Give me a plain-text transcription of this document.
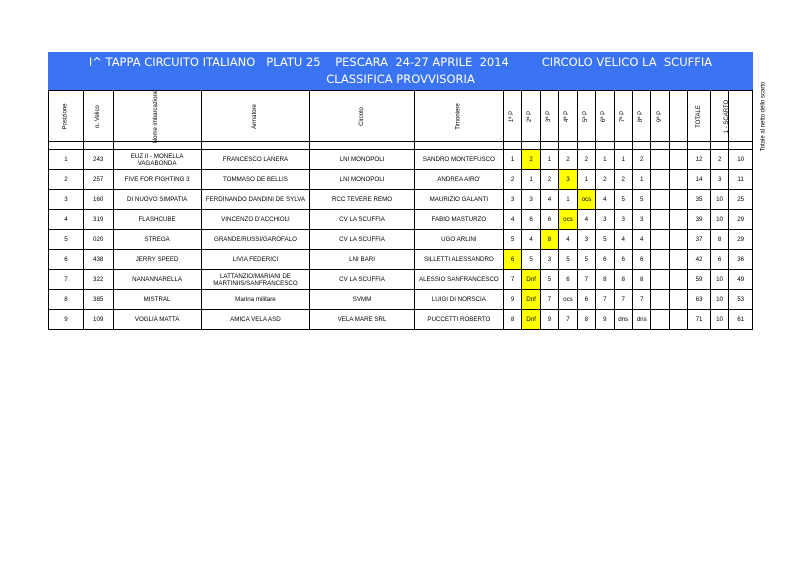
I^ TAPPA CIRCUITO ITALIANO   PLATU 25    PESCARA  24-27 APRILE  2014         CIRCOLO VELICO LA  SCUFFIA
CLASSIFICA PROVVISORIA
Posizione	n. Velico	Nome imbarcazione	Armatore	Circolo	Timoniere	1ª P	2ª P	3ª P	4ª P	5ª P	6ª P	7ª P	8ª P	9ª P		TOTALE	1 - SCARTO	Totale al netto dello scarto

1	243	EUZ II - MONELLA VAGABONDA	FRANCESCO LANERA	LNI MONOPOLI	SANDRO MONTEFUSCO	1	2	1	2	2	1	1	2			12	2	10
2	257	FIVE FOR FIGHTING 3	TOMMASO DE BELLIS	LNI MONOPOLI	ANDREA AIRO'	2	1	2	3	1	2	2	1			14	3	11
3	160	DI NUOVO SIMPATIA	FERDINANDO DANDINI DE SYLVA	RCC TEVERE REMO	MAURIZIO GALANTI	3	3	4	1	ocs	4	5	5			35	10	25
4	319	FLASHCUBE	VINCENZO D'ACCHIOLI	CV LA SCUFFIA	FABIO MASTURZO	4	6	6	ocs	4	3	3	3			39	10	29
5	020	STREGA	GRANDE/RUSSI/GAROFALO	CV LA SCUFFIA	UGO ARLINI	5	4	8	4	3	5	4	4			37	8	29
6	438	JERRY SPEED	LIVIA FEDERICI	LNI BARI	SILLETTI ALESSANDRO	6	5	3	5	5	6	6	6			42	6	36
7	322	NANANNARELLA	LATTANZIO/MARIANI DE MARTINIIS/SANFRANCESCO	CV LA SCUFFIA	ALESSIO SANFRANCESCO	7	Dnf	5	6	7	8	8	8			59	10	49
8	385	MISTRAL	Marina militare	SVMM	LUIGI DI NORSCIA	9	Dnf	7	ocs	6	7	7	7			63	10	53
9	109	VOGLIA MATTA	AMICA VELA ASD	VELA MARE SRL	PUCCETTI ROBERTO	8	Dnf	9	7	8	9	dns	dns			71	10	61
